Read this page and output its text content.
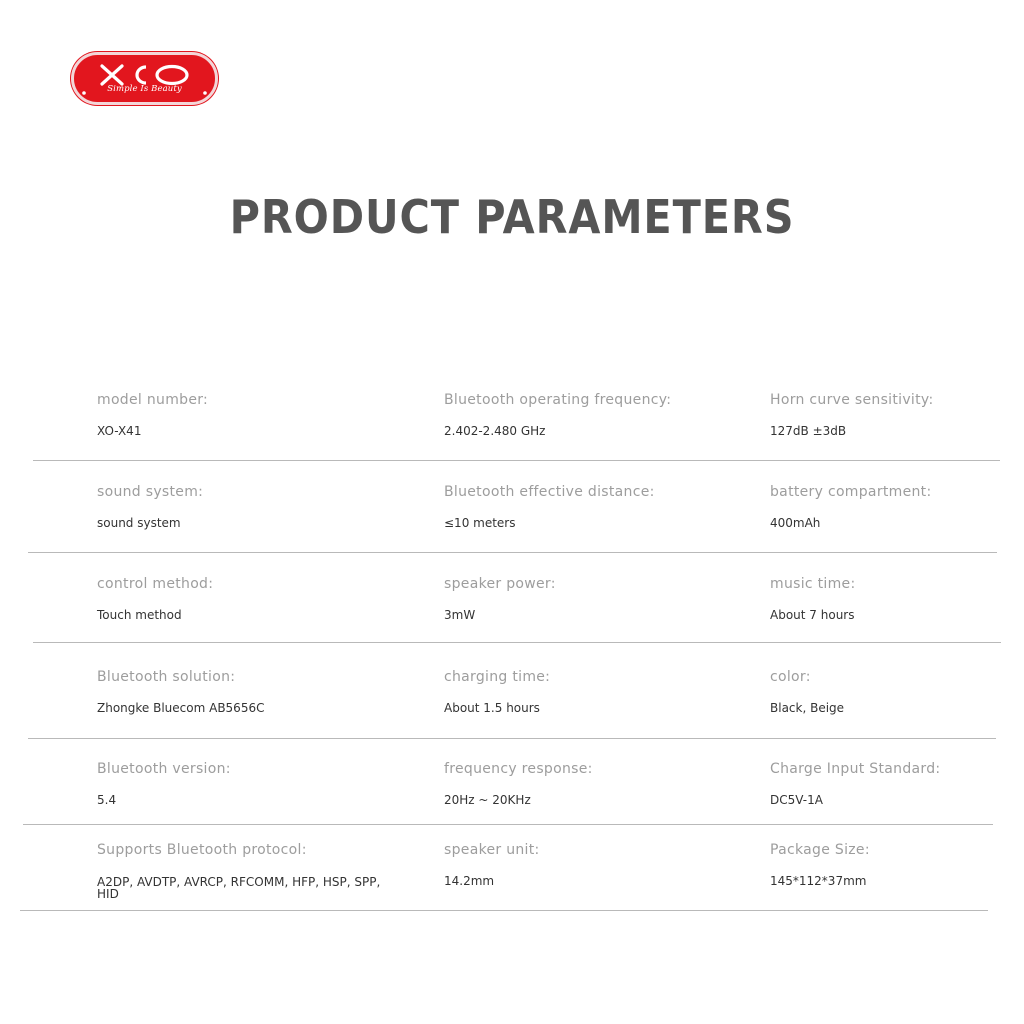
Simple Is Beauty
PRODUCT PARAMETERS
model number:
XO-X41
Bluetooth operating frequency:
2.402-2.480 GHz
Horn curve sensitivity:
127dB ±3dB
sound system:
sound system
Bluetooth effective distance:
≤10 meters
battery compartment:
400mAh
control method:
Touch method
speaker power:
3mW
music time:
About 7 hours
Bluetooth solution:
Zhongke Bluecom AB5656C
charging time:
About 1.5 hours
color:
Black, Beige
Bluetooth version:
5.4
frequency response:
20Hz ~ 20KHz
Charge Input Standard:
DC5V-1A
Supports Bluetooth protocol:
A2DP, AVDTP, AVRCP, RFCOMM, HFP, HSP, SPP, HID
speaker unit:
14.2mm
Package Size:
145*112*37mm
